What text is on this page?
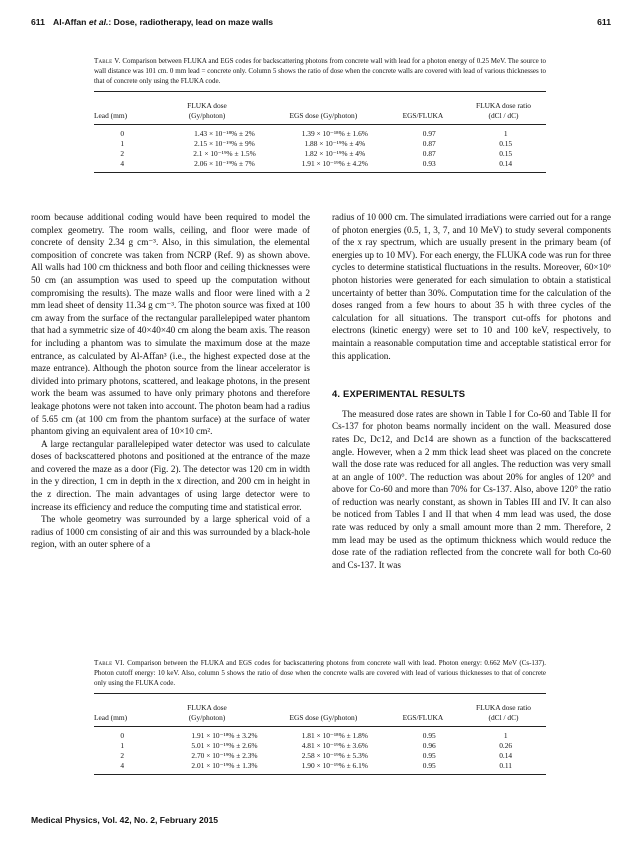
611 Al-Affan et al.: Dose, radiotherapy, lead on maze walls	611
Table V. Comparison between FLUKA and EGS codes for backscattering photons from concrete wall with lead for a photon energy of 0.25 MeV. The source to wall distance was 101 cm. 0 mm lead = concrete only. Column 5 shows the ratio of dose when the concrete walls are covered with lead of various thicknesses to that of concrete only using the FLUKA code.
Lead (mm)	
FLUKA dose
(Gy/photon)	EGS dose (Gy/photon)	EGS/FLUKA	
FLUKA dose ratio
(dCl / dC)
0	1.43 × 10⁻¹⁸% ± 2%	1.39 × 10⁻¹⁸% ± 1.6%	0.97	1
1	2.15 × 10⁻¹⁹% ± 9%	1.88 × 10⁻¹⁹% ± 4%	0.87	0.15
2	2.1 × 10⁻¹⁹% ± 1.5%	1.82 × 10⁻¹⁹% ± 4%	0.87	0.15
4	2.06 × 10⁻¹⁹% ± 7%	1.91 × 10⁻¹⁹% ± 4.2%	0.93	0.14

room because additional coding would have been required to model the complex geometry. The room walls, ceiling, and floor were made of concrete of density 2.34 g cm⁻³. Also, in this simulation, the elemental composition of concrete was taken from NCRP (Ref. 9) as shown above. All walls had 100 cm thickness and both floor and ceiling thicknesses were 50 cm (an assumption was used to speed up the computation without compromising the results). The maze walls and floor were lined with a 2 mm lead sheet of density 11.34 g cm⁻³. The photon source was fixed at 100 cm away from the surface of the rectangular parallelepiped water phantom that had a symmetric size of 40×40×40 cm along the beam axis. The reason for including a phantom was to simulate the maximum dose at the maze entrance, as calculated by Al-Affan³ (i.e., the highest expected dose at the maze entrance). Although the photon source from the linear accelerator is divided into primary photons, scattered, and leakage photons, in the present work the beam was assumed to have only primary photons and therefore leakage photons were not taken into account. The photon beam had a radius of 5.65 cm (at 100 cm from the phantom surface) at the surface of water phantom giving an equivalent area of 10×10 cm².

A large rectangular parallelepiped water detector was used to calculate doses of backscattered photons and positioned at the entrance of the maze and covered the maze as a door (Fig. 2). The detector was 120 cm in width in the y direction, 1 cm in depth in the x direction, and 200 cm in height in the z direction. The main advantages of using large detector were to increase its efficiency and reduce the computing time and statistical error.

The whole geometry was surrounded by a large spherical void of a radius of 1000 cm consisting of air and this was surrounded by a black-hole region, with an outer sphere of a

radius of 10 000 cm. The simulated irradiations were carried out for a range of photon energies (0.5, 1, 3, 7, and 10 MeV) to study several components of the x ray spectrum, which are usually present in the primary beam (of energies up to 10 MV). For each energy, the FLUKA code was run for three cycles to determine statistical fluctuations in the results. Moreover, 60×10⁶ photon histories were generated for each simulation to obtain a statistical uncertainty of better than 30%. Computation time for the calculation of the doses ranged from a few hours to about 35 h with three cycles of the calculation for all situations. The transport cut-offs for photons and electrons (kinetic energy) were set to 10 and 100 keV, respectively, to maintain a reasonable computation time and acceptable statistical error for this application.

4. EXPERIMENTAL RESULTS

The measured dose rates are shown in Table I for Co-60 and Table II for Cs-137 for photon beams normally incident on the wall. Measured dose rates Dc, Dc12, and Dc14 are shown as a function of the backscattered angle. However, when a 2 mm thick lead sheet was placed on the concrete wall the dose rate was reduced for all angles. The reduction was very small at an angle of 100°. The reduction was about 20% for angles of 120° and above for Co-60 and more than 70% for Cs-137. Also, above 120° the ratio of reduction was nearly constant, as shown in Tables III and IV. It can also be noticed from Tables I and II that when 4 mm lead was used, the dose rate was reduced by only a small amount more than 2 mm. Therefore, 2 mm lead may be used as the optimum thickness which would reduce the dose rate of the radiation reflected from the concrete wall for both Co-60 and Cs-137. It was

Table VI. Comparison between the FLUKA and EGS codes for backscattering photons from concrete wall with lead. Photon energy: 0.662 MeV (Cs-137). Photon cutoff energy: 10 keV. Also, column 5 shows the ratio of dose when the concrete walls are covered with lead of various thicknesses to that of concrete only using the FLUKA code.
Lead (mm)	
FLUKA dose
(Gy/photon)	EGS dose (Gy/photon)	EGS/FLUKA	
FLUKA dose ratio
(dCl / dC)
0	1.91 × 10⁻¹⁸% ± 3.2%	1.81 × 10⁻¹⁸% ± 1.8%	0.95	1
1	5.01 × 10⁻¹⁹% ± 2.6%	4.81 × 10⁻¹⁹% ± 3.6%	0.96	0.26
2	2.70 × 10⁻¹⁹% ± 2.3%	2.58 × 10⁻¹⁹% ± 5.3%	0.95	0.14
4	2.01 × 10⁻¹⁹% ± 1.3%	1.90 × 10⁻¹⁹% ± 6.1%	0.95	0.11
Medical Physics, Vol. 42, No. 2, February 2015
